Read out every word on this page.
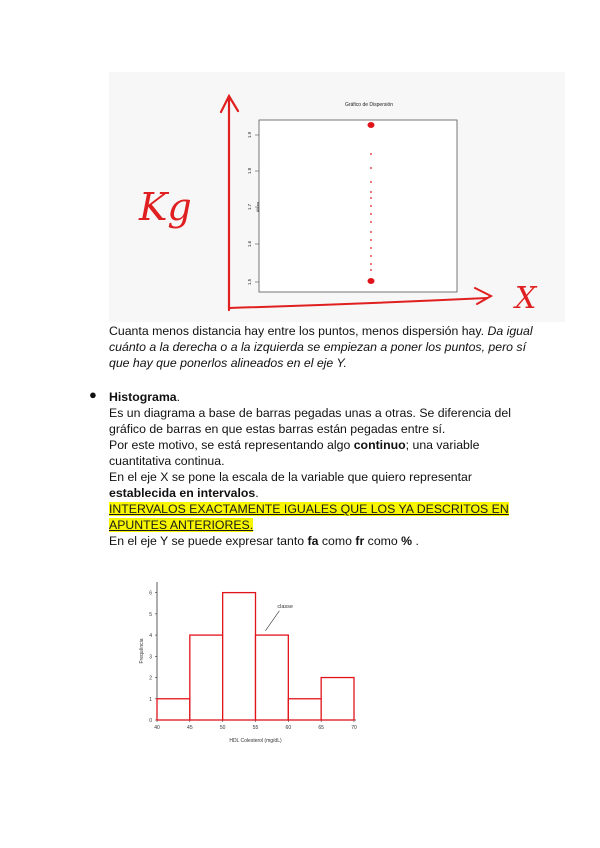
Gráfico de Dispersión
1.5
1.6
1.7
1.8
1.9
Altura
Kg
X
Cuanta menos distancia hay entre los puntos, menos dispersión hay. Da igual
cuánto a la derecha o a la izquierda se empiezan a poner los puntos, pero sí
que hay que ponerlos alineados en el eje Y.
● Histograma.
Es un diagrama a base de barras pegadas unas a otras. Se diferencia del
gráfico de barras en que estas barras están pegadas entre sí.
Por este motivo, se está representando algo continuo; una variable
cuantitativa continua.
En el eje X se pone la escala de la variable que quiero representar
establecida en intervalos.
INTERVALOS EXACTAMENTE IGUALES QUE LOS YA DESCRITOS EN
APUNTES ANTERIORES.
En el eje Y se puede expresar tanto fa como fr como % .
0
1
2
3
4
5
6
40	45	50	55	60	65	70
HDL Colesterol (mg/dL)
Frequência
classe
